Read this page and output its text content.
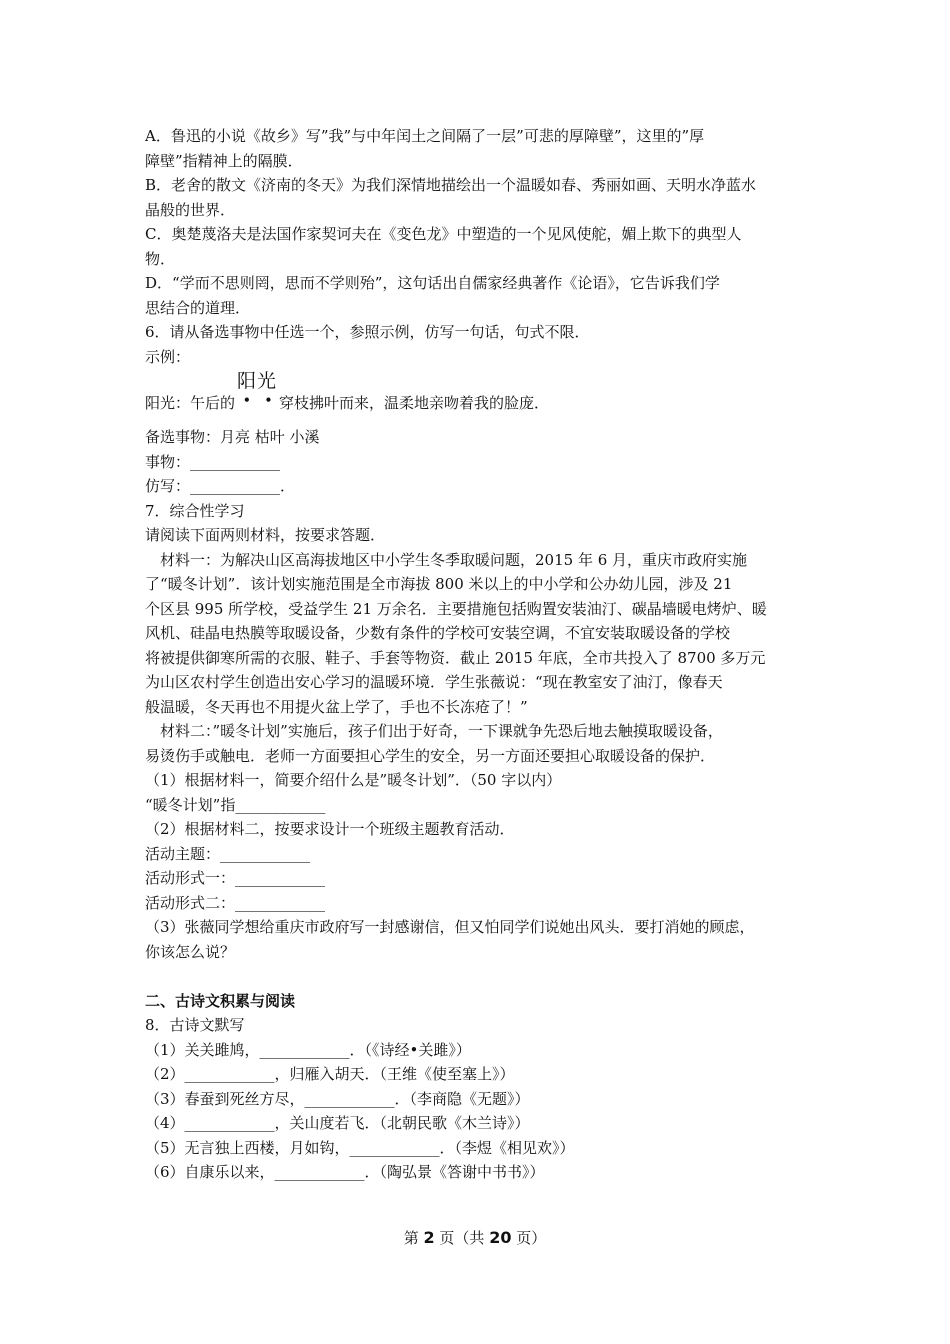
A．鲁迅的小说《故乡》写”我”与中年闰土之间隔了一层”可悲的厚障壁”，这里的”厚
障壁”指精神上的隔膜．
B．老舍的散文《济南的冬天》为我们深情地描绘出一个温暖如春、秀丽如画、天明水净蓝水
晶般的世界．
C．奥楚蔑洛夫是法国作家契诃夫在《变色龙》中塑造的一个见风使舵，媚上欺下的典型人
物．
D．“学而不思则罔，思而不学则殆”，这句话出自儒家经典著作《论语》，它告诉我们学
思结合的道理．
6．请从备选事物中任选一个，参照示例，仿写一句话，句式不限．
示例：
阳光：午后的
阳光
••
穿枝拂叶而来，温柔地亲吻着我的脸庞．
备选事物：月亮 枯叶 小溪
事物：____________
仿写：____________．
7．综合性学习
请阅读下面两则材料，按要求答题．
材料一：为解决山区高海拔地区中小学生冬季取暖问题，2015 年 6 月，重庆市政府实施
了“暖冬计划”．该计划实施范围是全市海拔 800 米以上的中小学和公办幼儿园，涉及 21
个区县 995 所学校，受益学生 21 万余名．主要措施包括购置安装油汀、碳晶墙暖电烤炉、暖
风机、硅晶电热膜等取暖设备，少数有条件的学校可安装空调，不宜安装取暖设备的学校
将被提供御寒所需的衣服、鞋子、手套等物资．截止 2015 年底，全市共投入了 8700 多万元
为山区农村学生创造出安心学习的温暖环境．学生张薇说：“现在教室安了油汀，像春天
般温暖，冬天再也不用提火盆上学了，手也不长冻疮了！”
材料二：”暖冬计划”实施后，孩子们出于好奇，一下课就争先恐后地去触摸取暖设备，
易烫伤手或触电．老师一方面要担心学生的安全，另一方面还要担心取暖设备的保护．
（1）根据材料一，简要介绍什么是”暖冬计划”．（50 字以内）
“暖冬计划”指____________
（2）根据材料二，按要求设计一个班级主题教育活动．
活动主题：____________
活动形式一：____________
活动形式二：____________
（3）张薇同学想给重庆市政府写一封感谢信，但又怕同学们说她出风头．要打消她的顾虑，
你该怎么说？
二、古诗文积累与阅读
8．古诗文默写
（1）关关雎鸠，____________．（《诗经•关雎》）
（2）____________，归雁入胡天．（王维《使至塞上》）
（3）春蚕到死丝方尽，____________．（李商隐《无题》）
（4）____________，关山度若飞．（北朝民歌《木兰诗》）
（5）无言独上西楼，月如钩，____________．（李煜《相见欢》）
（6）自康乐以来，____________．（陶弘景《答谢中书书》）
第 2 页（共 20 页）
